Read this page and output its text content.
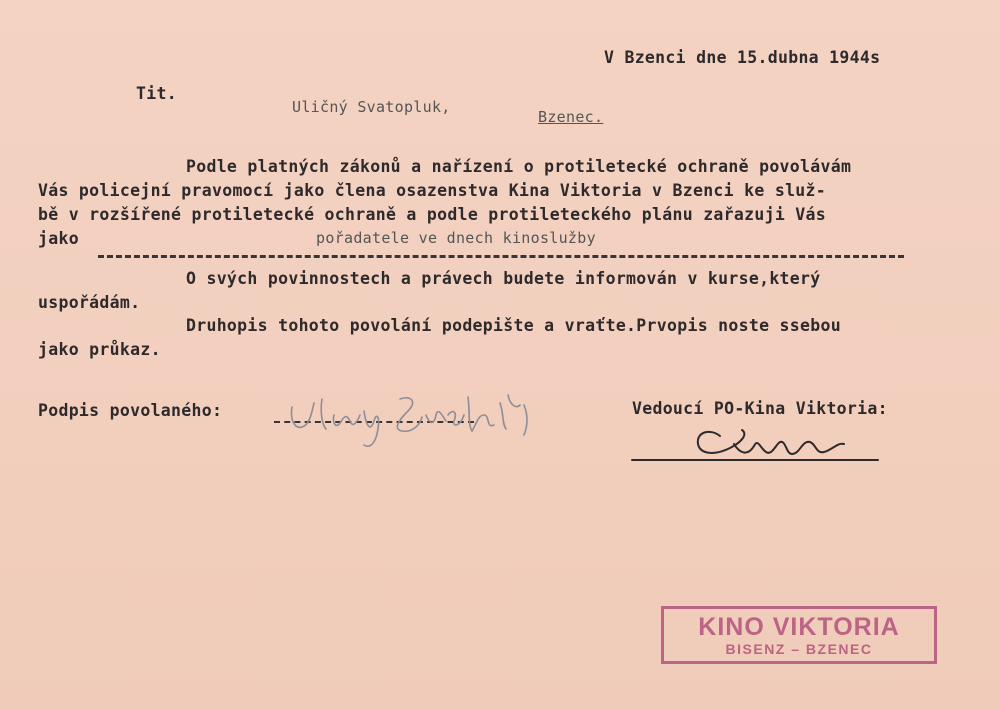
V Bzenci dne 15.dubna 1944s
Tit.
Uličný Svatopluk,
Bzenec.
Podle platných zákonů a nařízení o protiletecké ochraně povolávám
Vás policejní pravomocí jako člena osazenstva Kina Viktoria v Bzenci ke služ-
bě v rozšířené protiletecké ochraně a podle protileteckého plánu zařazuji Vás
jako	pořadatele ve dnech kinoslužby
O svých povinnostech a právech budete informován v kurse,který
uspořádám.
Druhopis tohoto povolání podepište a vraťte.Prvopis noste ssebou
jako průkaz.
Podpis povolaného:	Vedoucí PO-Kina Viktoria:
KINO VIKTORIA
BISENZ – BZENEC
